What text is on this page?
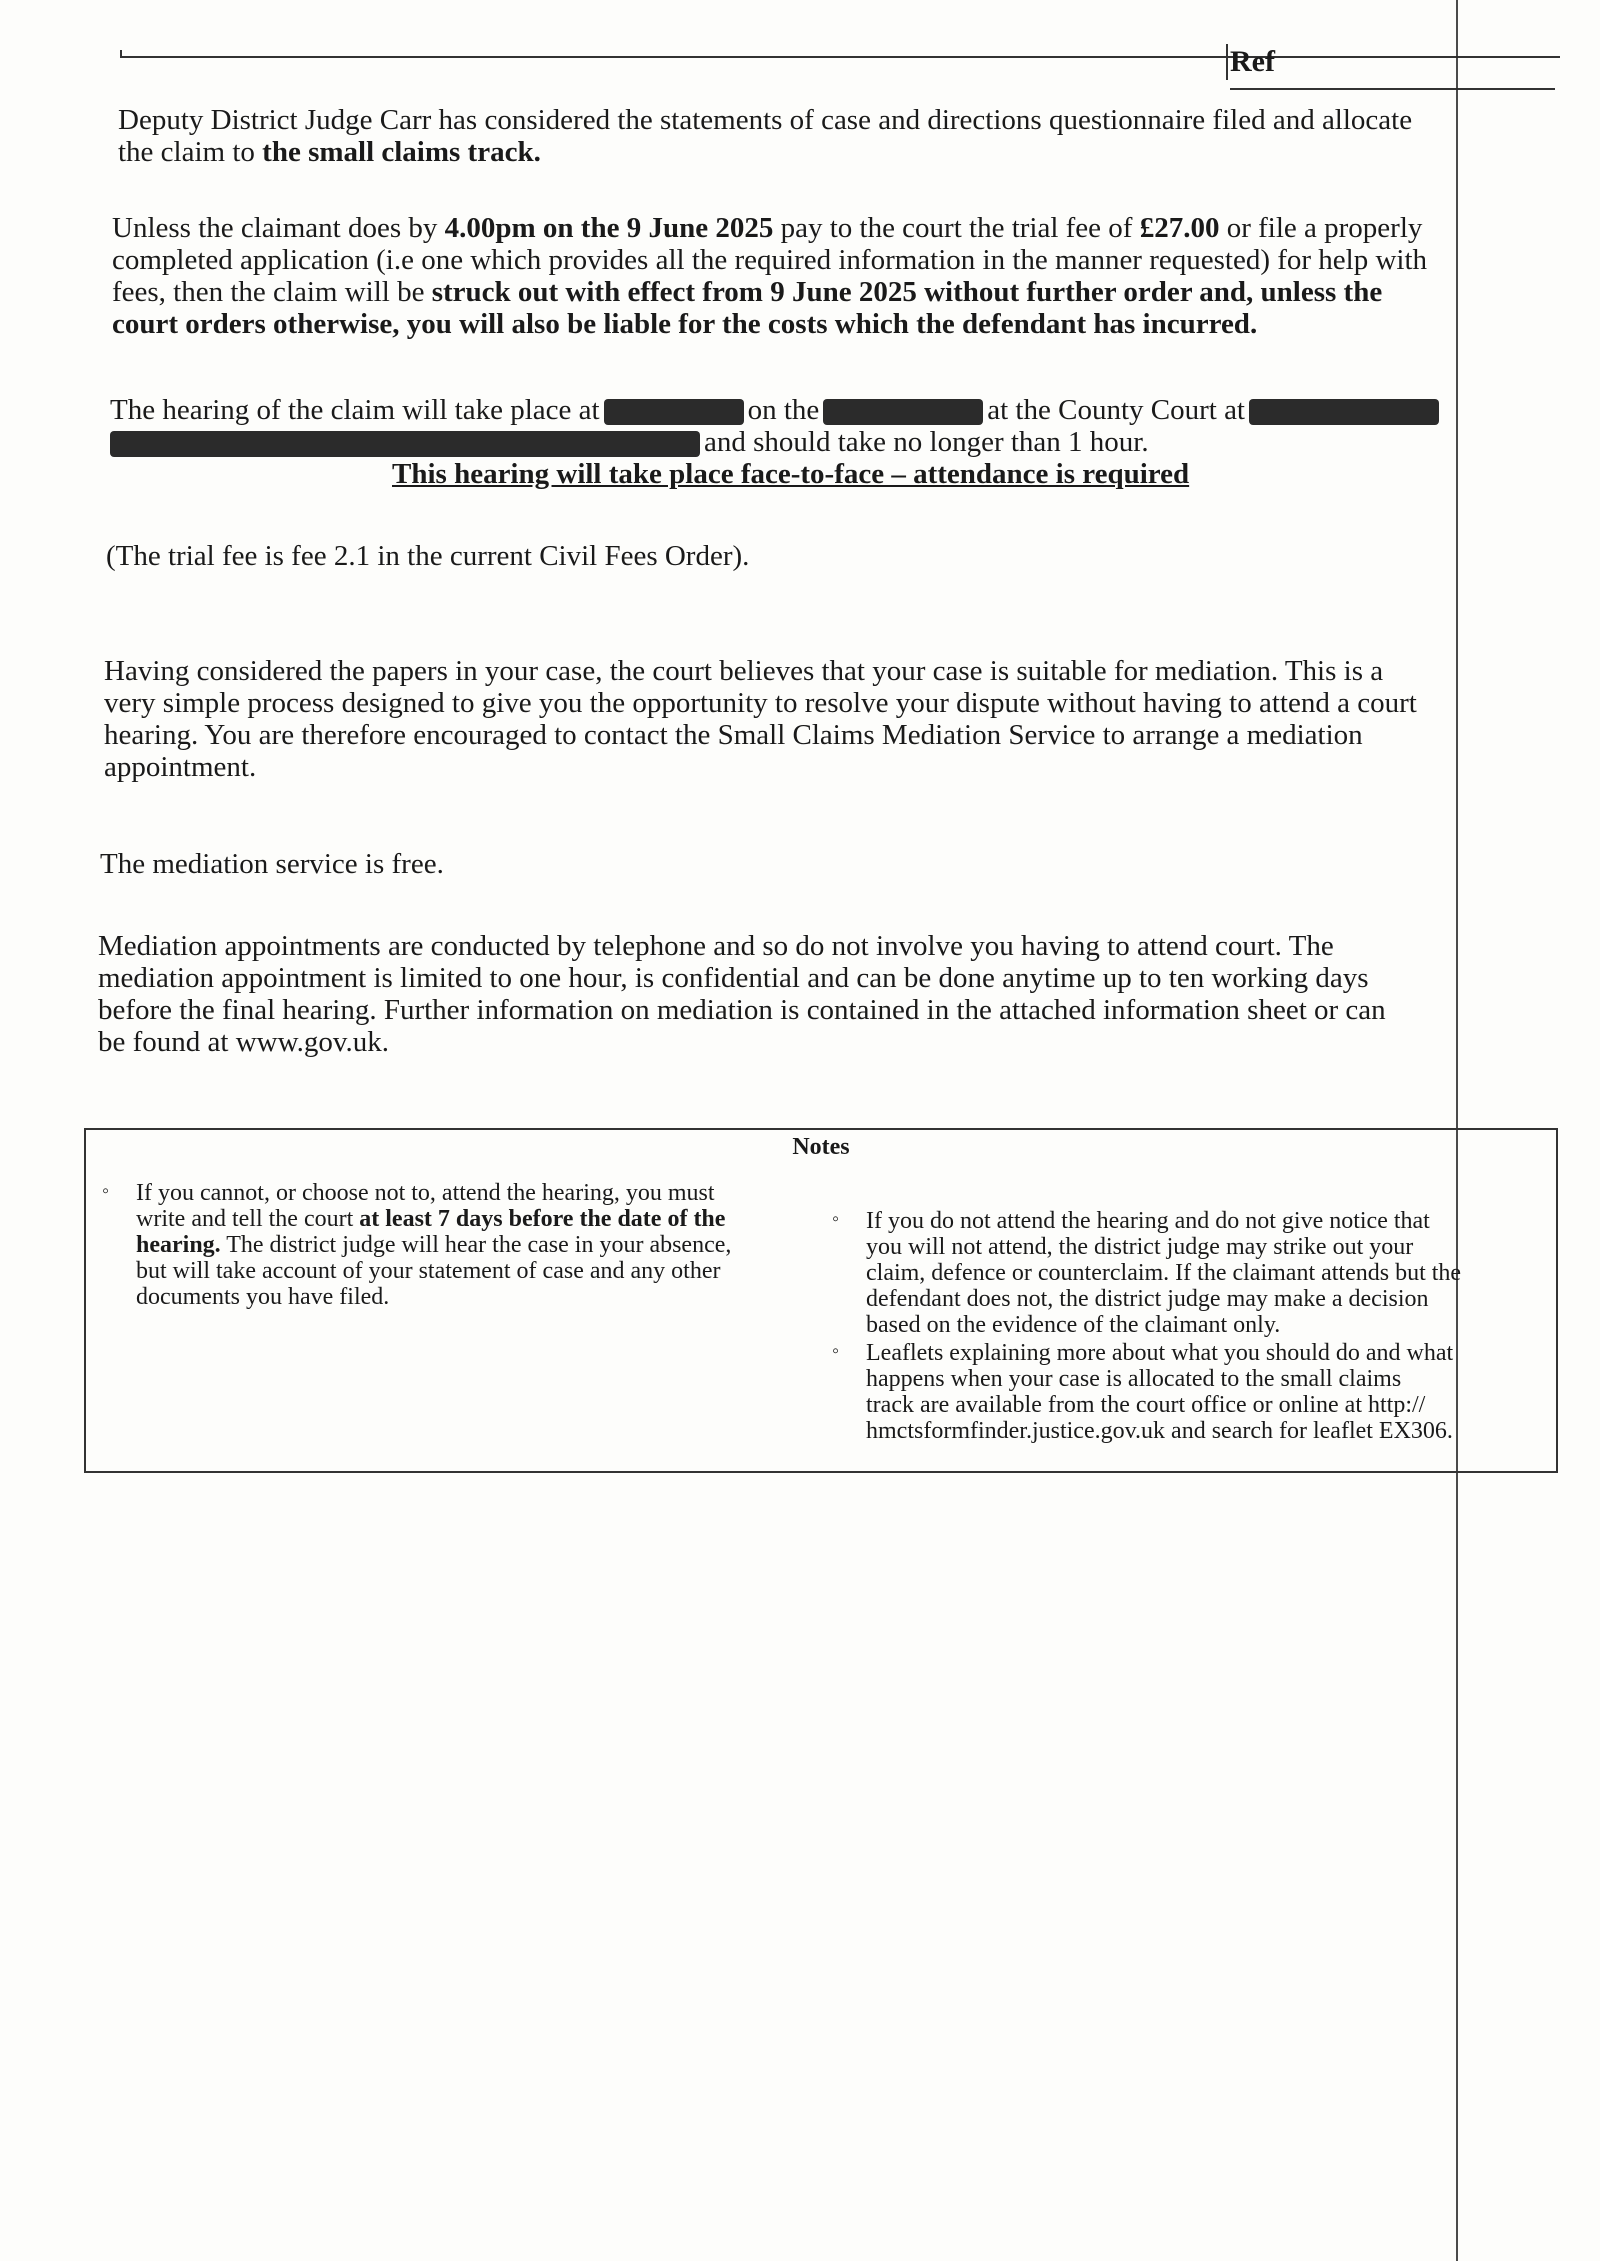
Ref
Deputy District Judge Carr has considered the statements of case and directions questionnaire filed and allocate
the claim to the small claims track.
Unless the claimant does by 4.00pm on the 9 June 2025 pay to the court the trial fee of £27.00 or file a properly
completed application (i.e one which provides all the required information in the manner requested) for help with
fees, then the claim will be struck out with effect from 9 June 2025 without further order and, unless the
court orders otherwise, you will also be liable for the costs which the defendant has incurred.
The hearing of the claim will take place at	on the	at the County Court at
and should take no longer than 1 hour.
This hearing will take place face-to-face – attendance is required
(The trial fee is fee 2.1 in the current Civil Fees Order).
Having considered the papers in your case, the court believes that your case is suitable for mediation. This is a
very simple process designed to give you the opportunity to resolve your dispute without having to attend a court
hearing. You are therefore encouraged to contact the Small Claims Mediation Service to arrange a mediation
appointment.
The mediation service is free.
Mediation appointments are conducted by telephone and so do not involve you having to attend court. The
mediation appointment is limited to one hour, is confidential and can be done anytime up to ten working days
before the final hearing. Further information on mediation is contained in the attached information sheet or can
be found at www.gov.uk.
Notes
◦ If you cannot, or choose not to, attend the hearing, you must
write and tell the court at least 7 days before the date of the
hearing. The district judge will hear the case in your absence,
but will take account of your statement of case and any other
documents you have filed.
◦ If you do not attend the hearing and do not give notice that
you will not attend, the district judge may strike out your
claim, defence or counterclaim. If the claimant attends but the
defendant does not, the district judge may make a decision
based on the evidence of the claimant only.
◦ Leaflets explaining more about what you should do and what
happens when your case is allocated to the small claims
track are available from the court office or online at http://
hmctsformfinder.justice.gov.uk and search for leaflet EX306.
